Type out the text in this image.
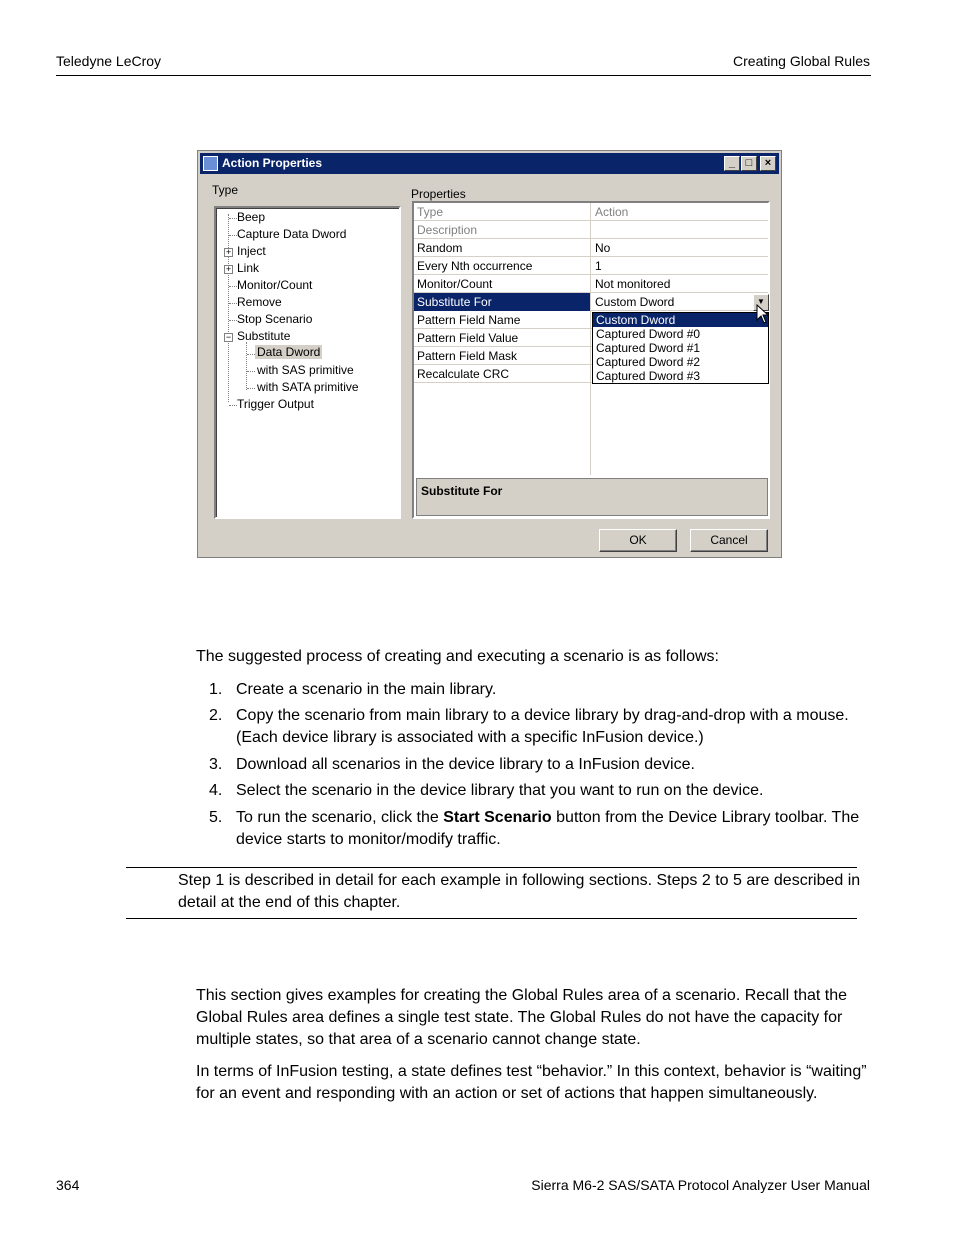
Teledyne LeCroy	Creating Global Rules
Action Properties	_ □	×
Type	Properties
Beep
Capture Data Dword
+ Inject
+ Link
Monitor/Count
Remove
Stop Scenario
− Substitute
Data Dword
with SAS primitive
with SATA primitive
Trigger Output
Type	Action
Description
Random	No
Every Nth occurrence	1
Monitor/Count	Not monitored
Substitute For	Custom Dword
Pattern Field Name
Pattern Field Value
Pattern Field Mask
Recalculate CRC
Substitute For
▼
Custom Dword
Captured Dword #0
Captured Dword #1
Captured Dword #2
Captured Dword #3
OK	Cancel
The suggested process of creating and executing a scenario is as follows:
1. Create a scenario in the main library.
2. Copy the scenario from main library to a device library by drag-and-drop with a mouse. (Each device library is associated with a specific InFusion device.)
3. Download all scenarios in the device library to a InFusion device.
4. Select the scenario in the device library that you want to run on the device.
5. To run the scenario, click the Start Scenario button from the Device Library toolbar. The device starts to monitor/modify traffic.
Step 1 is described in detail for each example in following sections. Steps 2 to 5 are described in detail at the end of this chapter.
This section gives examples for creating the Global Rules area of a scenario. Recall that the Global Rules area defines a single test state. The Global Rules do not have the capacity for multiple states, so that area of a scenario cannot change state.
In terms of InFusion testing, a state defines test “behavior.” In this context, behavior is “waiting” for an event and responding with an action or set of actions that happen simultaneously.
364	Sierra M6-2 SAS/SATA Protocol Analyzer User Manual
